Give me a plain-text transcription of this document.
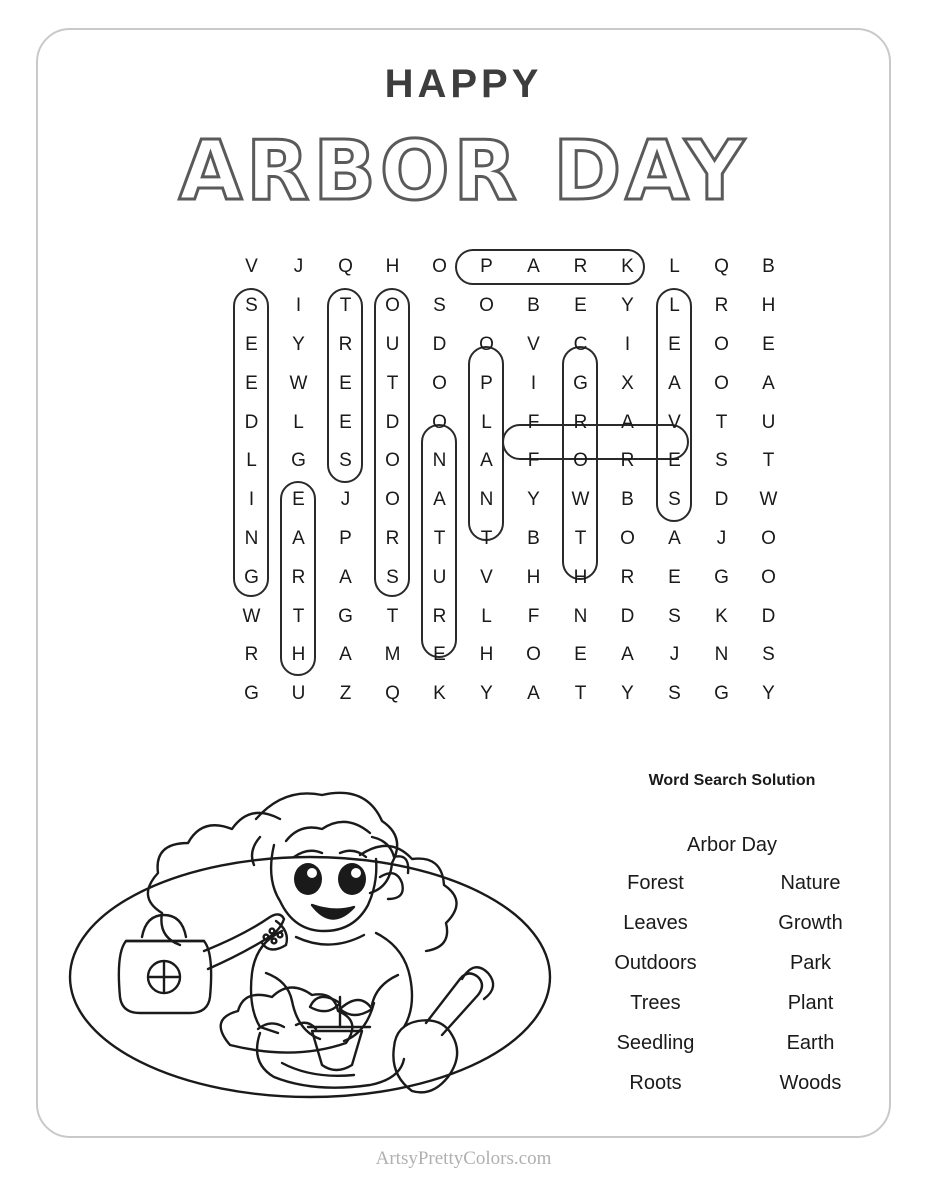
HAPPY
ARBOR DAY
V	J	Q	H	O	P	A	R	K	L	Q	B
S	I	T	O	S	O	B	E	Y	L	R	H
E	Y	R	U	D	O	V	C	I	E	O	E
E	W	E	T	O	P	I	G	X	A	O	A
D	L	E	D	O	L	F	R	A	V	T	U
L	G	S	O	N	A	F	O	R	E	S	T
I	E	J	O	A	N	Y	W	B	S	D	W
N	A	P	R	T	T	B	T	O	A	J	O
G	R	A	S	U	V	H	H	R	E	G	O
W	T	G	T	R	L	F	N	D	S	K	D
R	H	A	M	E	H	O	E	A	J	N	S
G	U	Z	Q	K	Y	A	T	Y	S	G	Y
Word Search Solution
Arbor Day
Forest	Nature
Leaves	Growth
Outdoors	Park
Trees	Plant
Seedling	Earth
Roots	Woods
ArtsyPrettyColors.com
